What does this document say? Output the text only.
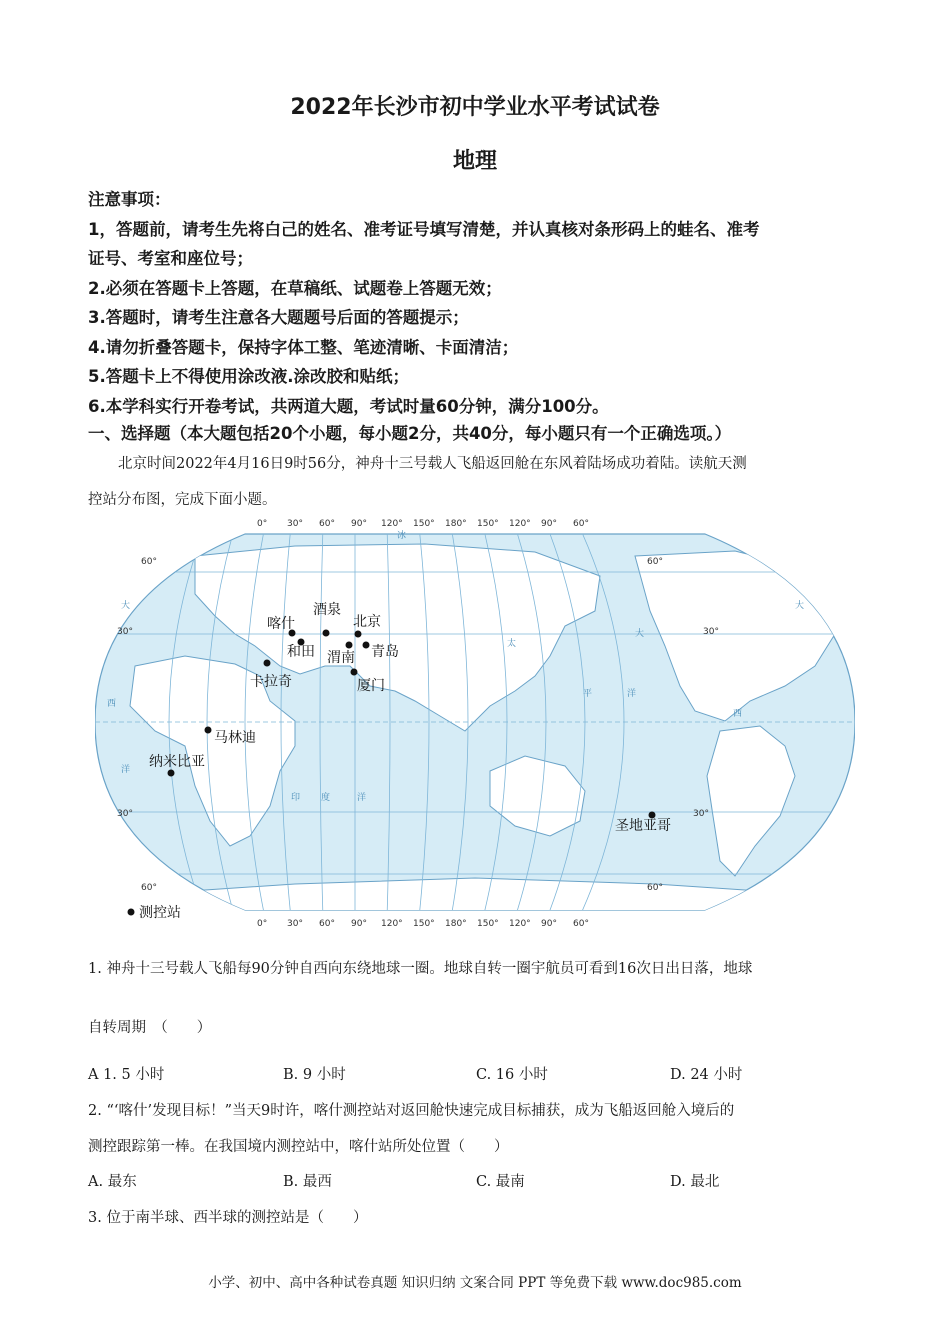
2022年长沙市初中学业水平考试试卷
地理
注意事项：
1，答题前，请考生先将白己的姓名、准考证号填写清楚，并认真核对条形码上的蛙名、准考
证号、考室和座位号；
2.必须在答题卡上答题，在草稿纸、试题卷上答题无效；
3.答题时，请考生注意各大题题号后面的答题提示；
4.请勿折叠答题卡，保持字体工整、笔迹清晰、卡面清洁；
5.答题卡上不得使用涂改液.涂改胶和贴纸；
6.本学科实行开卷考试，共两道大题，考试时量60分钟，满分100分。
一、选择题（本大题包括20个小题，每小题2分，共40分，每小题只有一个正确选项。）
北京时间2022年4月16日9时56分，神舟十三号载人飞船返回舱在东风着陆场成功着陆。读航天测
控站分布图，完成下面小题。
0° 30° 60° 90° 120° 150° 180° 150° 120° 90° 60°
0° 30° 60° 90° 120° 150° 180° 150° 120° 90° 60°
60°
30°
30°
60°
60°
30°
30°
60°
冰
平
西
大
洋
印 度	洋
太
洋
大
西
大
喀什
酒泉
北京
和田 渭南 青岛
卡拉奇	厦门
马林迪
纳米比亚
圣地亚哥
测控站
1. 神舟十三号载人飞船每90分钟自西向东绕地球一圈。地球自转一圈宇航员可看到16次日出日落，地球
自转周期　（　　）
A 1. 5 小时	B. 9 小时	C. 16 小时	D. 24 小时
2. “‘喀什’发现目标！”当天9时许，喀什测控站对返回舱快速完成目标捕获，成为飞船返回舱入境后的
测控跟踪第一棒。在我国境内测控站中，喀什站所处位置（　　）
A. 最东	B. 最西	C. 最南	D. 最北
3. 位于南半球、西半球的测控站是（　　）
小学、初中、高中各种试卷真题 知识归纳 文案合同 PPT 等免费下载 www.doc985.com
